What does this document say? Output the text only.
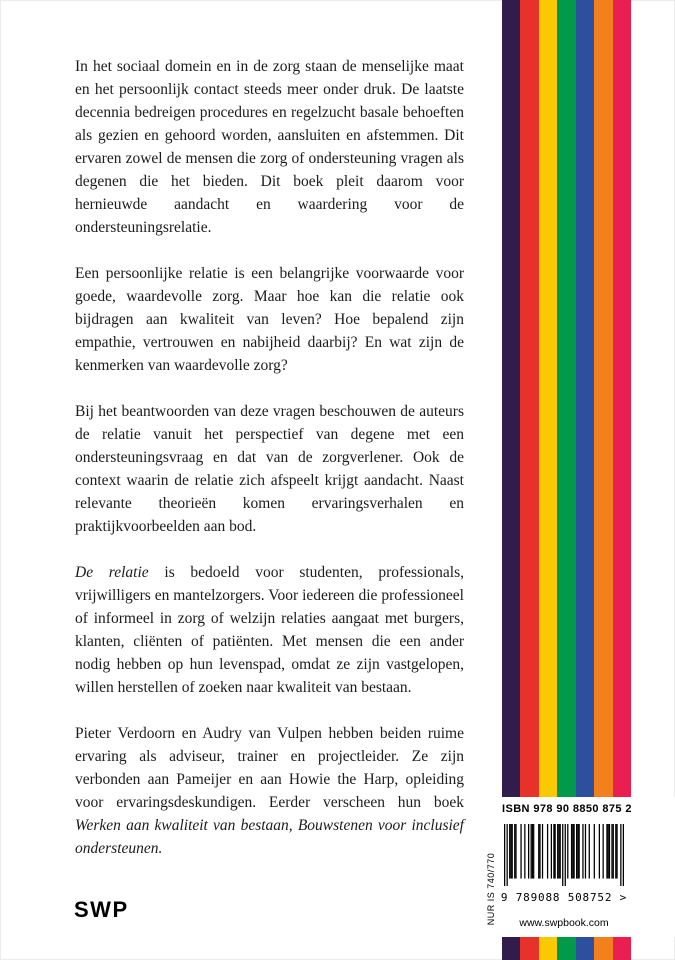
In het sociaal domein en in de zorg staan de menselijke maat en het persoonlijk contact steeds meer onder druk. De laatste decennia bedreigen procedures en regelzucht basale behoeften als gezien en gehoord worden, aansluiten en afstemmen. Dit ervaren zowel de mensen die zorg of ondersteuning vragen als degenen die het bieden. Dit boek pleit daarom voor hernieuwde aandacht en waardering voor de ondersteuningsrelatie.

Een persoonlijke relatie is een belangrijke voorwaarde voor goede, waardevolle zorg. Maar hoe kan die relatie ook bijdragen aan kwaliteit van leven? Hoe bepalend zijn empathie, vertrouwen en nabijheid daarbij? En wat zijn de kenmerken van waardevolle zorg?

Bij het beantwoorden van deze vragen beschouwen de auteurs de relatie vanuit het perspectief van degene met een ondersteuningsvraag en dat van de zorgverlener. Ook de context waarin de relatie zich afspeelt krijgt aandacht. Naast relevante theorieën komen ervaringsverhalen en praktijkvoorbeelden aan bod.

De relatie is bedoeld voor studenten, professionals, vrijwilligers en mantelzorgers. Voor iedereen die professioneel of informeel in zorg of welzijn relaties aangaat met burgers, klanten, cliënten of patiënten. Met mensen die een ander nodig hebben op hun levenspad, omdat ze zijn vastgelopen, willen herstellen of zoeken naar kwaliteit van bestaan.

Pieter Verdoorn en Audry van Vulpen hebben beiden ruime ervaring als adviseur, trainer en projectleider. Ze zijn verbonden aan Pameijer en aan Howie the Harp, opleiding voor ervaringsdeskundigen. Eerder verscheen hun boek Werken aan kwaliteit van bestaan, Bouwstenen voor inclusief ondersteunen.

SWP	NUR IS 740/770
ISBN 978 90 8850 875 2
9 789088 508752 >
www.swpbook.com
